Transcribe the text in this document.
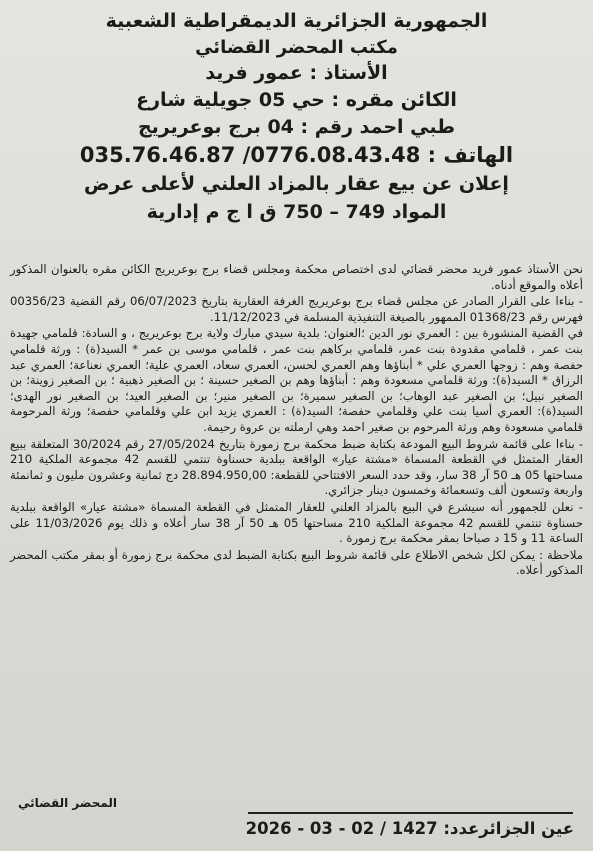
الجمهورية الجزائرية الديمقراطية الشعبية

مكتب المحضر القضائي

الأستاذ : عمور فريد

الكائن مقره : حي 05 جويلية شارع

طبي احمد رقم : 04 برج بوعريريج

الهاتف : 0776.08.43.48/ 035.76.46.87

إعلان عن بيع عقار بالمزاد العلني لأعلى عرض

المواد 749 – 750 ق ا ج م إدارية

نحن الأستاذ عمور فريد محضر قضائي لدى اختصاص محكمة ومجلس قضاء برج بوعريريج الكائن مقره بالعنوان المذكور أعلاه والموقع أدناه.

- بناءا على القرار الصادر عن مجلس قضاء برج بوعريريج الغرفة العقارية بتاريخ 06/07/2023 رقم القضية 00356/23 فهرس رقم 01368/23 الممهور بالصيغة التنفيذية المسلمة في 11/12/2023.

في القضية المنشورة بين : العمري نور الدين ؛العنوان: بلدية سيدي مبارك ولاية برج بوعريريج ، و السادة: قلمامي جهيدة بنت عمر ، قلمامي مقدودة بنت عمر، قلمامي بركاهم بنت عمر ، قلمامي موسى بن عمر * السيد(ة) : ورثة قلمامي حفصة وهم : زوجها العمري علي * أبناؤها وهم العمري لحسن، العمري سعاد، العمري علية؛ العمري نعناعة؛ العمري عبد الرزاق * السيد(ة): ورثة قلمامي مسعودة وهم : أبناؤها وهم بن الصغير حسينة ؛ بن الصغير ذهبية ؛ بن الصغير زوينة؛ بن الصغير نبيل؛ بن الصغير عبد الوهاب؛ بن الصغير سميرة؛ بن الصغير منير؛ بن الصغير العيد؛ بن الصغير نور الهدى؛ السيد(ة): العمري أسيا بنت علي وقلمامي حفصة؛ السيد(ة) : العمري يزيد ابن علي وقلمامي حفصة؛ ورثة المرحومة قلمامي مسعودة وهم ورثة المرحوم بن صغير احمد وهي ارملته بن عروة رحيمة.

- بناءا على قائمة شروط البيع المودعة بكتابة ضبط محكمة برج زمورة بتاريخ 27/05/2024 رقم 30/2024 المتعلقة ببيع العقار المتمثل في القطعة المسماة «مشتة عيار» الواقعة ببلدية حسناوة تنتمي للقسم 42 مجموعة الملكية 210 مساحتها 05 هـ 50 آر 38 سار، وقد حدد السعر الافتتاحي للقطعة: 28.894.950,00 دج ثمانية وعشرون مليون و ثمانمئة واربعة وتسعون ألف وتسعمائة وخمسون دينار جزائري.

- نعلن للجمهور أنه سيشرع في البيع بالمزاد العلني للعقار المتمثل في القطعة المسماة «مشتة عيار» الواقعة ببلدية حسناوة تنتمي للقسم 42 مجموعة الملكية 210 مساحتها 05 هـ 50 آر 38 سار أعلاه و ذلك يوم 11/03/2026 على الساعة 11 و 15 د صباحا بمقر محكمة برج زمورة .

ملاحظة : يمكن لكل شخص الاطلاع على قائمة شروط البيع بكتابة الضبط لدى محكمة برج زمورة أو بمقر مكتب المحضر المذكور أعلاه.

المحضر القضائي
عين الجزائرعدد: 1427 / 02 - 03 - 2026
